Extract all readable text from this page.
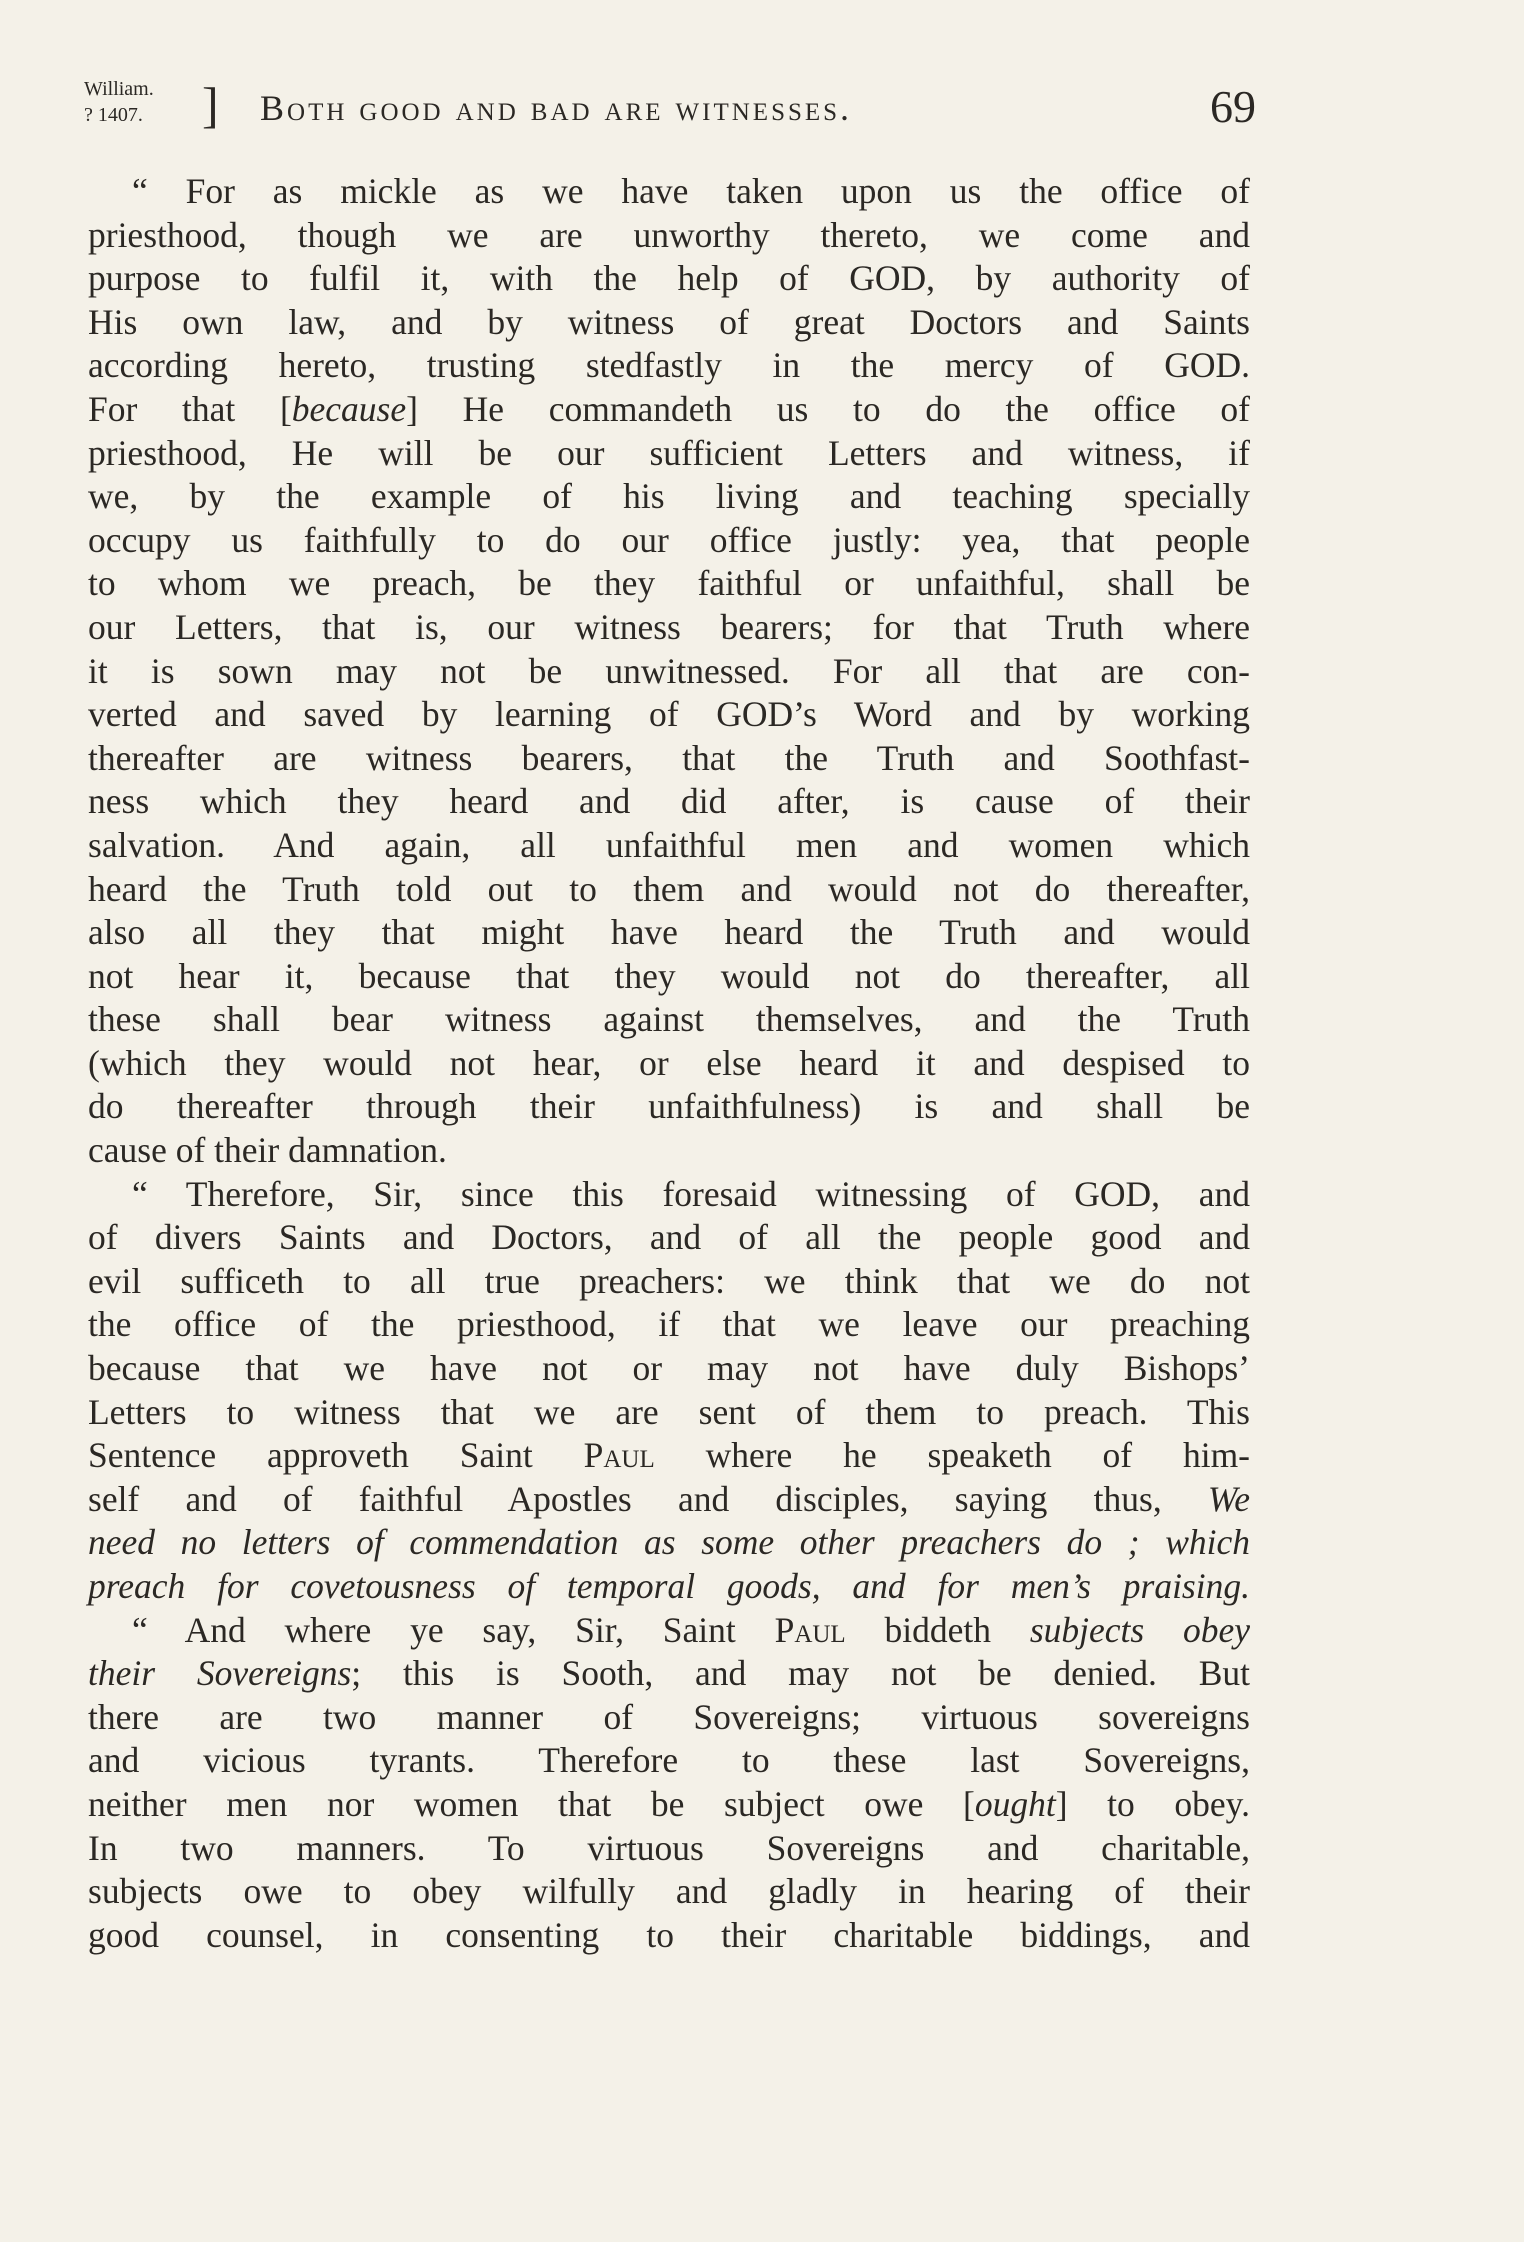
William.
? 1407. ] Both good and bad are witnesses.	69
“ For as mickle as we have taken upon us the office of
priesthood, though we are unworthy thereto, we come and
purpose to fulfil it, with the help of GOD, by authority of
His own law, and by witness of great Doctors and Saints
according hereto, trusting stedfastly in the mercy of GOD.
For that [because] He commandeth us to do the office of
priesthood, He will be our sufficient Letters and witness, if
we, by the example of his living and teaching specially
occupy us faithfully to do our office justly: yea, that people
to whom we preach, be they faithful or unfaithful, shall be
our Letters, that is, our witness bearers; for that Truth where
it is sown may not be unwitnessed. For all that are con-
verted and saved by learning of GOD’s Word and by working
thereafter are witness bearers, that the Truth and Soothfast-
ness which they heard and did after, is cause of their
salvation. And again, all unfaithful men and women which
heard the Truth told out to them and would not do thereafter,
also all they that might have heard the Truth and would
not hear it, because that they would not do thereafter, all
these shall bear witness against themselves, and the Truth
(which they would not hear, or else heard it and despised to
do thereafter through their unfaithfulness) is and shall be
cause of their damnation.
“ Therefore, Sir, since this foresaid witnessing of GOD, and
of divers Saints and Doctors, and of all the people good and
evil sufficeth to all true preachers: we think that we do not
the office of the priesthood, if that we leave our preaching
because that we have not or may not have duly Bishops’
Letters to witness that we are sent of them to preach. This
Sentence approveth Saint Paul where he speaketh of him-
self and of faithful Apostles and disciples, saying thus, We
need no letters of commendation as some other preachers do ; which
preach for covetousness of temporal goods, and for men’s praising.
“ And where ye say, Sir, Saint Paul biddeth subjects obey
their Sovereigns; this is Sooth, and may not be denied. But
there are two manner of Sovereigns; virtuous sovereigns
and vicious tyrants. Therefore to these last Sovereigns,
neither men nor women that be subject owe [ought] to obey.
In two manners. To virtuous Sovereigns and charitable,
subjects owe to obey wilfully and gladly in hearing of their
good counsel, in consenting to their charitable biddings, and
